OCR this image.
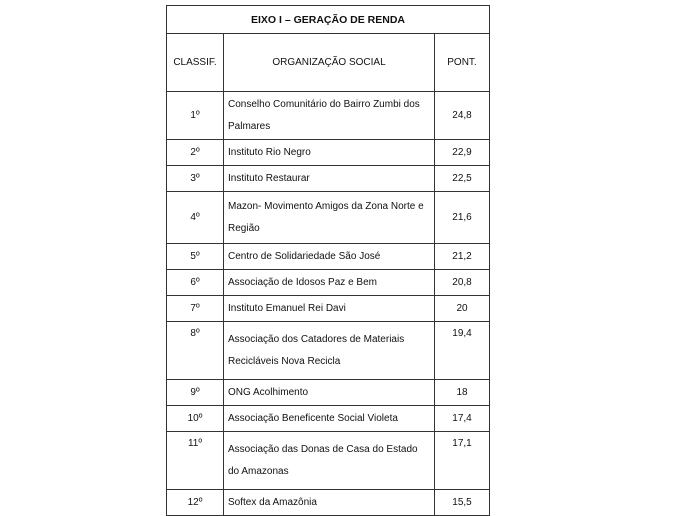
EIXO I – GERAÇÃO DE RENDA		
CLASSIF.	ORGANIZAÇÃO SOCIAL	PONT.
1º	Conselho Comunitário do Bairro Zumbi dos Palmares	24,8
2º	Instituto Rio Negro	22,9
3º	Instituto Restaurar	22,5
4º	Mazon- Movimento Amigos da Zona Norte e Região	21,6
5º	Centro de Solidariedade São José	21,2
6º	Associação de Idosos Paz e Bem	20,8
7º	Instituto Emanuel Rei Davi	20
8º	Associação dos Catadores de Materiais Recicláveis Nova Recicla	19,4
9º	ONG Acolhimento	18
10º	Associação Beneficente Social Violeta	17,4
11º	Associação das Donas de Casa do Estado do Amazonas	17,1
12º	Softex da Amazônia	15,5
